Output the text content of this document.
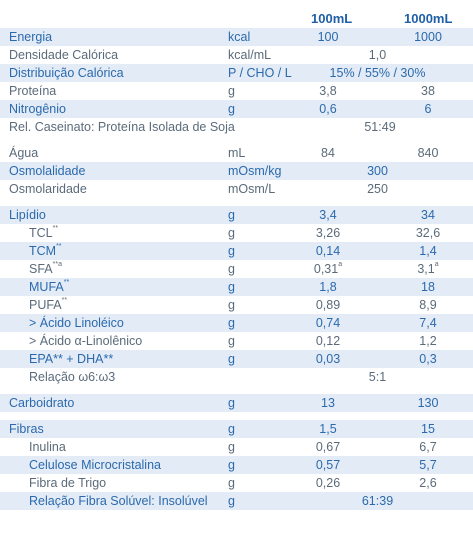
100mL	1000mL
Energia	kcal	100	1000
Densidade Calórica	kcal/mL	1,0
Distribuição Calórica	P / CHO / L	15% / 55% / 30%
Proteína	g	3,8	38
Nitrogênio	g	0,6	6
Rel. Caseinato: Proteína Isolada de Soja	51:49
Água	mL	84	840
Osmolalidade	mOsm/kg	300
Osmolaridade	mOsm/L	250
Lipídio	g	3,4	34
TCL**	g	3,26	32,6
TCM**	g	0,14	1,4
SFA$^{**a}$	g	0,31$^a$	3,1$^a$
MUFA**	g	1,8	18
PUFA**	g	0,89	8,9
> Ácido Linoléico	g	0,74	7,4
> Ácido α-Linolênico	g	0,12	1,2
EPA** + DHA**	g	0,03	0,3
Relação ω6:ω3	5:1
Carboidrato	g	13	130
Fibras	g	1,5	15
Inulina	g	0,67	6,7
Celulose Microcristalina	g	0,57	5,7
Fibra de Trigo	g	0,26	2,6
Relação Fibra Solúvel: Insolúvel g	61:39
